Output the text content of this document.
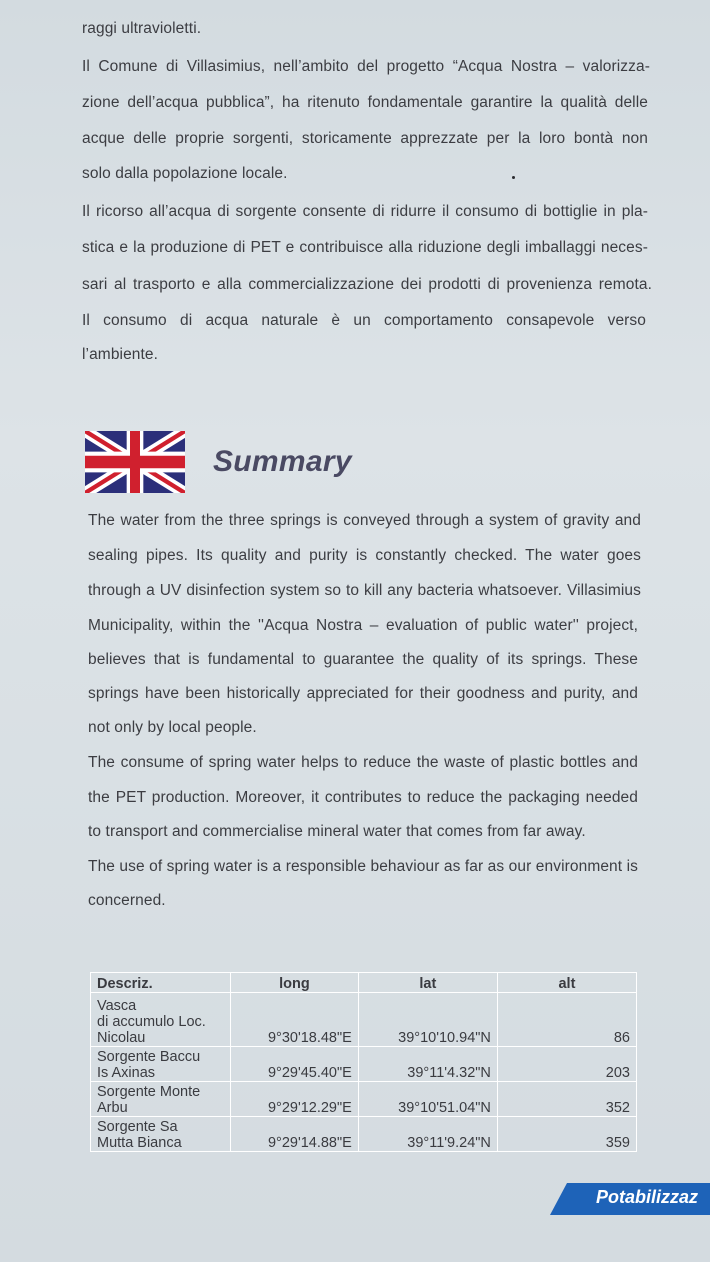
raggi ultravioletti.
Il Comune di Villasimius, nell’ambito del progetto “Acqua Nostra – valorizza-
zione dell’acqua pubblica”, ha ritenuto fondamentale garantire la qualità delle
acque delle proprie sorgenti, storicamente apprezzate per la loro bontà non
solo dalla popolazione locale.
Il ricorso all’acqua di sorgente consente di ridurre il consumo di bottiglie in pla-
stica e la produzione di PET e contribuisce alla riduzione degli imballaggi neces-
sari al trasporto e alla commercializzazione dei prodotti di provenienza remota.
Il consumo di acqua naturale è un comportamento consapevole verso
l’ambiente.
Summary
The water from the three springs is conveyed through a system of gravity and
sealing pipes. Its quality and purity is constantly checked. The water goes
through a UV disinfection system so to kill any bacteria whatsoever. Villasimius
Municipality, within the ''Acqua Nostra – evaluation of public water'' project,
believes that is fundamental to guarantee the quality of its springs. These
springs have been historically appreciated for their goodness and purity, and
not only by local people.
The consume of spring water helps to reduce the waste of plastic bottles and
the PET production. Moreover, it contributes to reduce the packaging needed
to transport and commercialise mineral water that comes from far away.
The use of spring water is a responsible behaviour as far as our environment is
concerned.
Descriz.	long	lat	alt

Vasca
di accumulo Loc.
Nicolau	9°30'18.48"E	39°10'10.94"N	86

Sorgente Baccu
Is Axinas	9°29'45.40"E	39°11'4.32"N	203

Sorgente Monte
Arbu	9°29'12.29"E	39°10'51.04"N	352

Sorgente Sa
Mutta Bianca	9°29'14.88"E	39°11'9.24"N	359
Potabilizzaz
